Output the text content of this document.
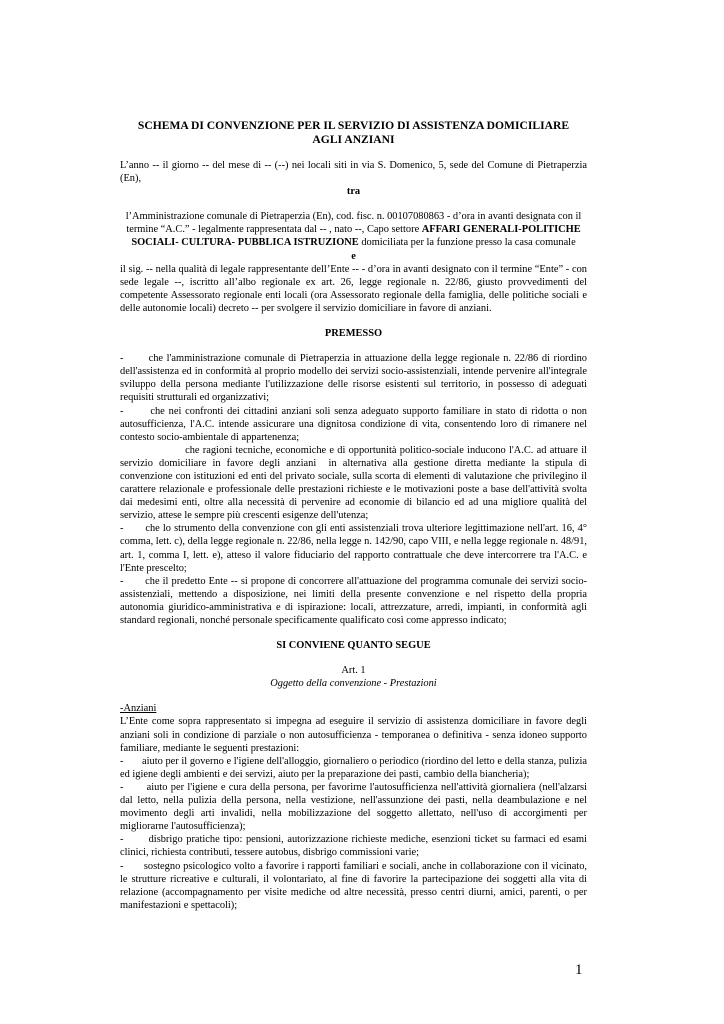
SCHEMA DI CONVENZIONE PER IL SERVIZIO DI ASSISTENZA DOMICILIARE

AGLI ANZIANI

L’anno -- il giorno -- del mese di -- (--) nei locali siti in via S. Domenico, 5, sede del Comune di Pietraperzia (En),

tra

l’Amministrazione comunale di Pietraperzia (En), cod. fisc. n. 00107080863 - d’ora in avanti designata con il termine “A.C.” - legalmente rappresentata dal -- , nato --, Capo settore AFFARI GENERALI-POLITICHE SOCIALI- CULTURA- PUBBLICA ISTRUZIONE domiciliata per la funzione presso la casa comunale

e

il sig. -- nella qualità di legale rappresentante dell’Ente -- - d’ora in avanti designato con il termine “Ente” - con sede legale --, iscritto all’albo regionale ex art. 26, legge regionale n. 22/86, giusto provvedimenti del competente Assessorato regionale enti locali (ora Assessorato regionale della famiglia, delle politiche sociali e delle autonomie locali) decreto -- per svolgere il servizio domiciliare in favore di anziani.

PREMESSO

-       che l'amministrazione comunale di Pietraperzia in attuazione della legge regionale n. 22/86 di riordino dell'assistenza ed in conformità al proprio modello dei servizi socio-assistenziali, intende pervenire all'integrale sviluppo della persona mediante l'utilizzazione delle risorse esistenti sul territorio, in possesso di adeguati requisiti strutturali ed organizzativi;

-       che nei confronti dei cittadini anziani soli senza adeguato supporto familiare in stato di ridotta o non autosufficienza, l'A.C. intende assicurare una dignitosa condizione di vita, consentendo loro di rimanere nel contesto socio-ambientale di appartenenza;

che ragioni tecniche, economiche e di opportunità politico-sociale inducono l'A.C. ad attuare il servizio domiciliare in favore degli anziani  in alternativa alla gestione diretta mediante la stipula di convenzione con istituzioni ed enti del privato sociale, sulla scorta di elementi di valutazione che privilegino il carattere relazionale e professionale delle prestazioni richieste e le motivazioni poste a base dell'attività svolta dai medesimi enti, oltre alla necessità di pervenire ad economie di bilancio ed ad una migliore qualità del servizio, attese le sempre più crescenti esigenze dell'utenza;

-       che lo strumento della convenzione con gli enti assistenziali trova ulteriore legittimazione nell'art. 16, 4° comma, lett. c), della legge regionale n. 22/86, nella legge n. 142/90, capo VIII, e nella legge regionale n. 48/91, art. 1, comma I, lett. e), atteso il valore fiduciario del rapporto contrattuale che deve intercorrere tra l'A.C. e l'Ente prescelto;

-       che il predetto Ente -- si propone di concorrere all'attuazione del programma comunale dei servizi socio-assistenziali, mettendo a disposizione, nei limiti della presente convenzione e nel rispetto della propria autonomia giuridico-amministrativa e di ispirazione: locali, attrezzature, arredi, impianti, in conformità agli standard regionali, nonché personale specificamente qualificato così come appresso indicato;

SI CONVIENE QUANTO SEGUE

Art. 1

Oggetto della convenzione - Prestazioni

-Anziani

L’Ente come sopra rappresentato si impegna ad eseguire il servizio di assistenza domiciliare in favore degli anziani soli in condizione di parziale o non autosufficienza - temporanea o definitiva - senza idoneo supporto familiare, mediante le seguenti prestazioni:

-       aiuto per il governo e l'igiene dell'alloggio, giornaliero o periodico (riordino del letto e della stanza, pulizia ed igiene degli ambienti e dei servizi, aiuto per la preparazione dei pasti, cambio della biancheria);

-       aiuto per l'igiene e cura della persona, per favorirne l'autosufficienza nell'attività giornaliera (nell'alzarsi dal letto, nella pulizia della persona, nella vestizione, nell'assunzione dei pasti, nella deambulazione e nel movimento degli arti invalidi, nella mobilizzazione del soggetto allettato, nell'uso di accorgimenti per migliorarne l'autosufficienza);

-       disbrigo pratiche tipo: pensioni, autorizzazione richieste mediche, esenzioni ticket su farmaci ed esami clinici, richiesta contributi, tessere autobus, disbrigo commissioni varie;

-       sostegno psicologico volto a favorire i rapporti familiari e sociali, anche in collaborazione con il vicinato, le strutture ricreative e culturali, il volontariato, al fine di favorire la partecipazione dei soggetti alla vita di relazione (accompagnamento per visite mediche od altre necessità, presso centri diurni, amici, parenti, o per manifestazioni e spettacoli);

1
